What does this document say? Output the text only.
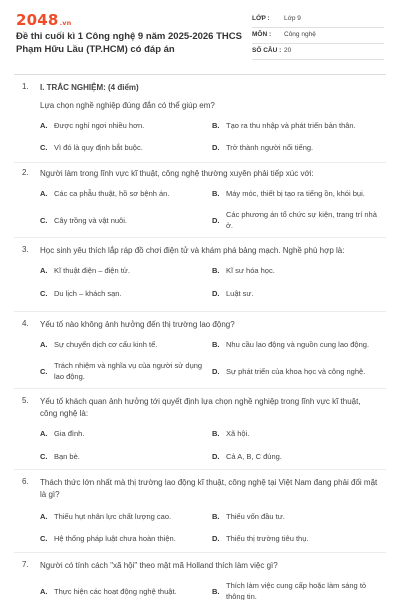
2048.vn
Đề thi cuối kì 1 Công nghệ 9 năm 2025-2026 THCS Phạm Hữu Lầu (TP.HCM) có đáp án
LỚP : Lớp 9
MÔN : Công nghệ
SỐ CÂU : 20
1. I. TRẮC NGHIỆM: (4 điểm)
Lựa chọn nghề nghiệp đúng đắn có thể giúp em?
A. Được nghỉ ngơi nhiều hơn.	B. Tạo ra thu nhập và phát triển bản thân.
C. Vì đó là quy định bắt buộc.	D. Trở thành người nổi tiếng.
2. Người làm trong lĩnh vực kĩ thuật, công nghệ thường xuyên phải tiếp xúc với:
A. Các ca phẫu thuật, hồ sơ bệnh án.	B. Máy móc, thiết bị tạo ra tiếng ồn, khói bụi.
C. Cây trồng và vật nuôi.	D.
Các phương án tổ chức sự kiện, trang trí nhà ở.
3. Học sinh yêu thích lắp ráp đồ chơi điện tử và khám phá bảng mạch. Nghề phù hợp là:
A. Kĩ thuật điện – điện tử.	B. Kĩ sư hóa học.
C. Du lịch – khách sạn.	D. Luật sư.
4. Yếu tố nào không ảnh hưởng đến thị trường lao động?
A. Sự chuyển dịch cơ cấu kinh tế.	B. Nhu cầu lao động và nguồn cung lao động.
C.
Trách nhiệm và nghĩa vụ của người sử dụng lao động.
D. Sự phát triển của khoa học và công nghệ.
5. Yếu tố khách quan ảnh hưởng tới quyết định lựa chọn nghề nghiệp trong lĩnh vực kĩ thuật, công nghệ là:
A. Gia đình.	B. Xã hội.
C. Bạn bè.	D. Cả A, B, C đúng.
6. Thách thức lớn nhất mà thị trường lao động kĩ thuật, công nghệ tại Việt Nam đang phải đối mặt là gì?
A. Thiếu hụt nhân lực chất lượng cao.	B. Thiếu vốn đầu tư.
C. Hệ thống pháp luật chưa hoàn thiện.	D. Thiếu thị trường tiêu thụ.
7. Người có tính cách "xã hội" theo mật mã Holland thích làm việc gì?
A. Thực hiện các hoạt động nghệ thuật.	B.
Thích làm việc cung cấp hoặc làm sáng tỏ thông tin.
